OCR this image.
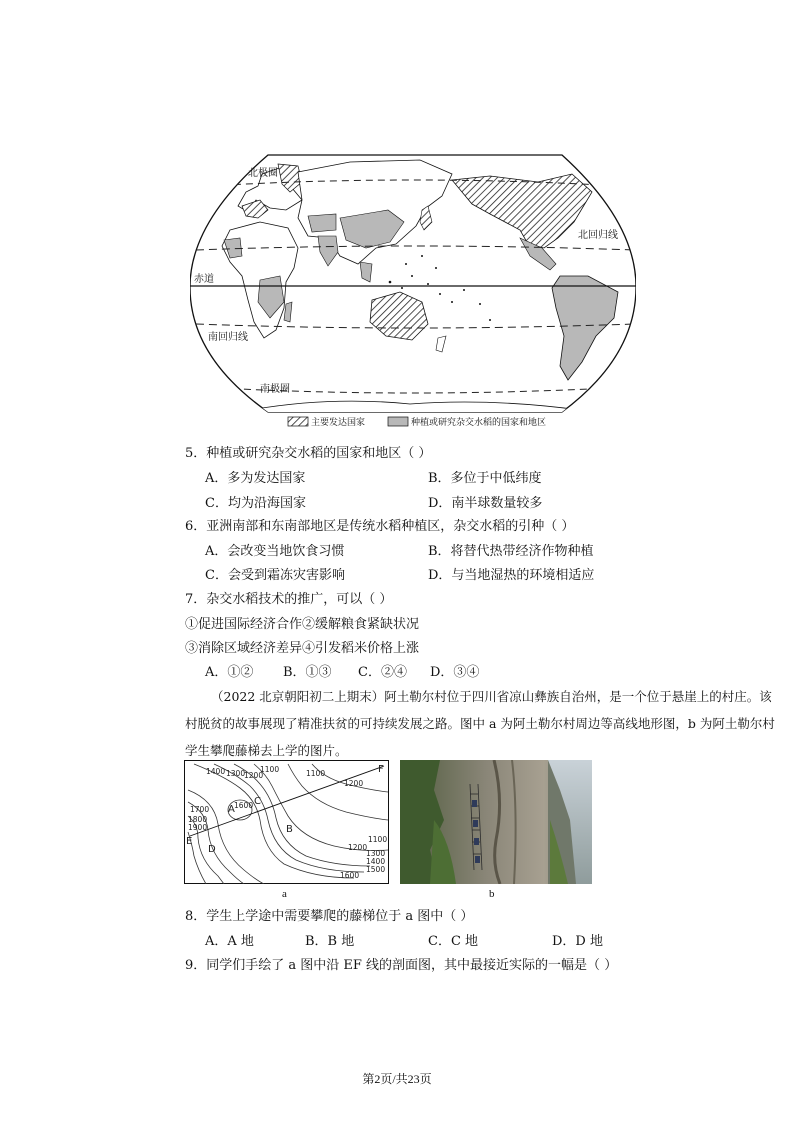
北极圈
北回归线
赤道
南回归线
南极圈
主要发达国家	种植或研究杂交水稻的国家和地区
5．种植或研究杂交水稻的国家和地区（ ）
A．多为发达国家	B．多位于中低纬度
C．均为沿海国家	D．南半球数量较多
6．亚洲南部和东南部地区是传统水稻种植区，杂交水稻的引种（ ）
A．会改变当地饮食习惯	B．将替代热带经济作物种植
C．会受到霜冻灾害影响	D．与当地湿热的环境相适应
7．杂交水稻技术的推广，可以（ ）
①促进国际经济合作②缓解粮食紧缺状况
③消除区域经济差异④引发稻米价格上涨
A．①② B．①③ C．②④ D．③④
（2022 北京朝阳初二上期末）阿土勒尔村位于四川省凉山彝族自治州，是一个位于悬崖上的村庄。该
村脱贫的故事展现了精准扶贫的可持续发展之路。图中 a 为阿土勒尔村周边等高线地形图，b 为阿土勒尔村
学生攀爬藤梯去上学的图片。
1400 1300
1200
1100	1100
1200
1600
1700
1800
1900
1100
1200
1300
1400
1500
1600
A
B
C
D
E
F
a	b
8．学生上学途中需要攀爬的藤梯位于 a 图中（ ）
A．A 地	B．B 地	C．C 地	D．D 地
9．同学们手绘了 a 图中沿 EF 线的剖面图，其中最接近实际的一幅是（ ）
第2页/共23页
